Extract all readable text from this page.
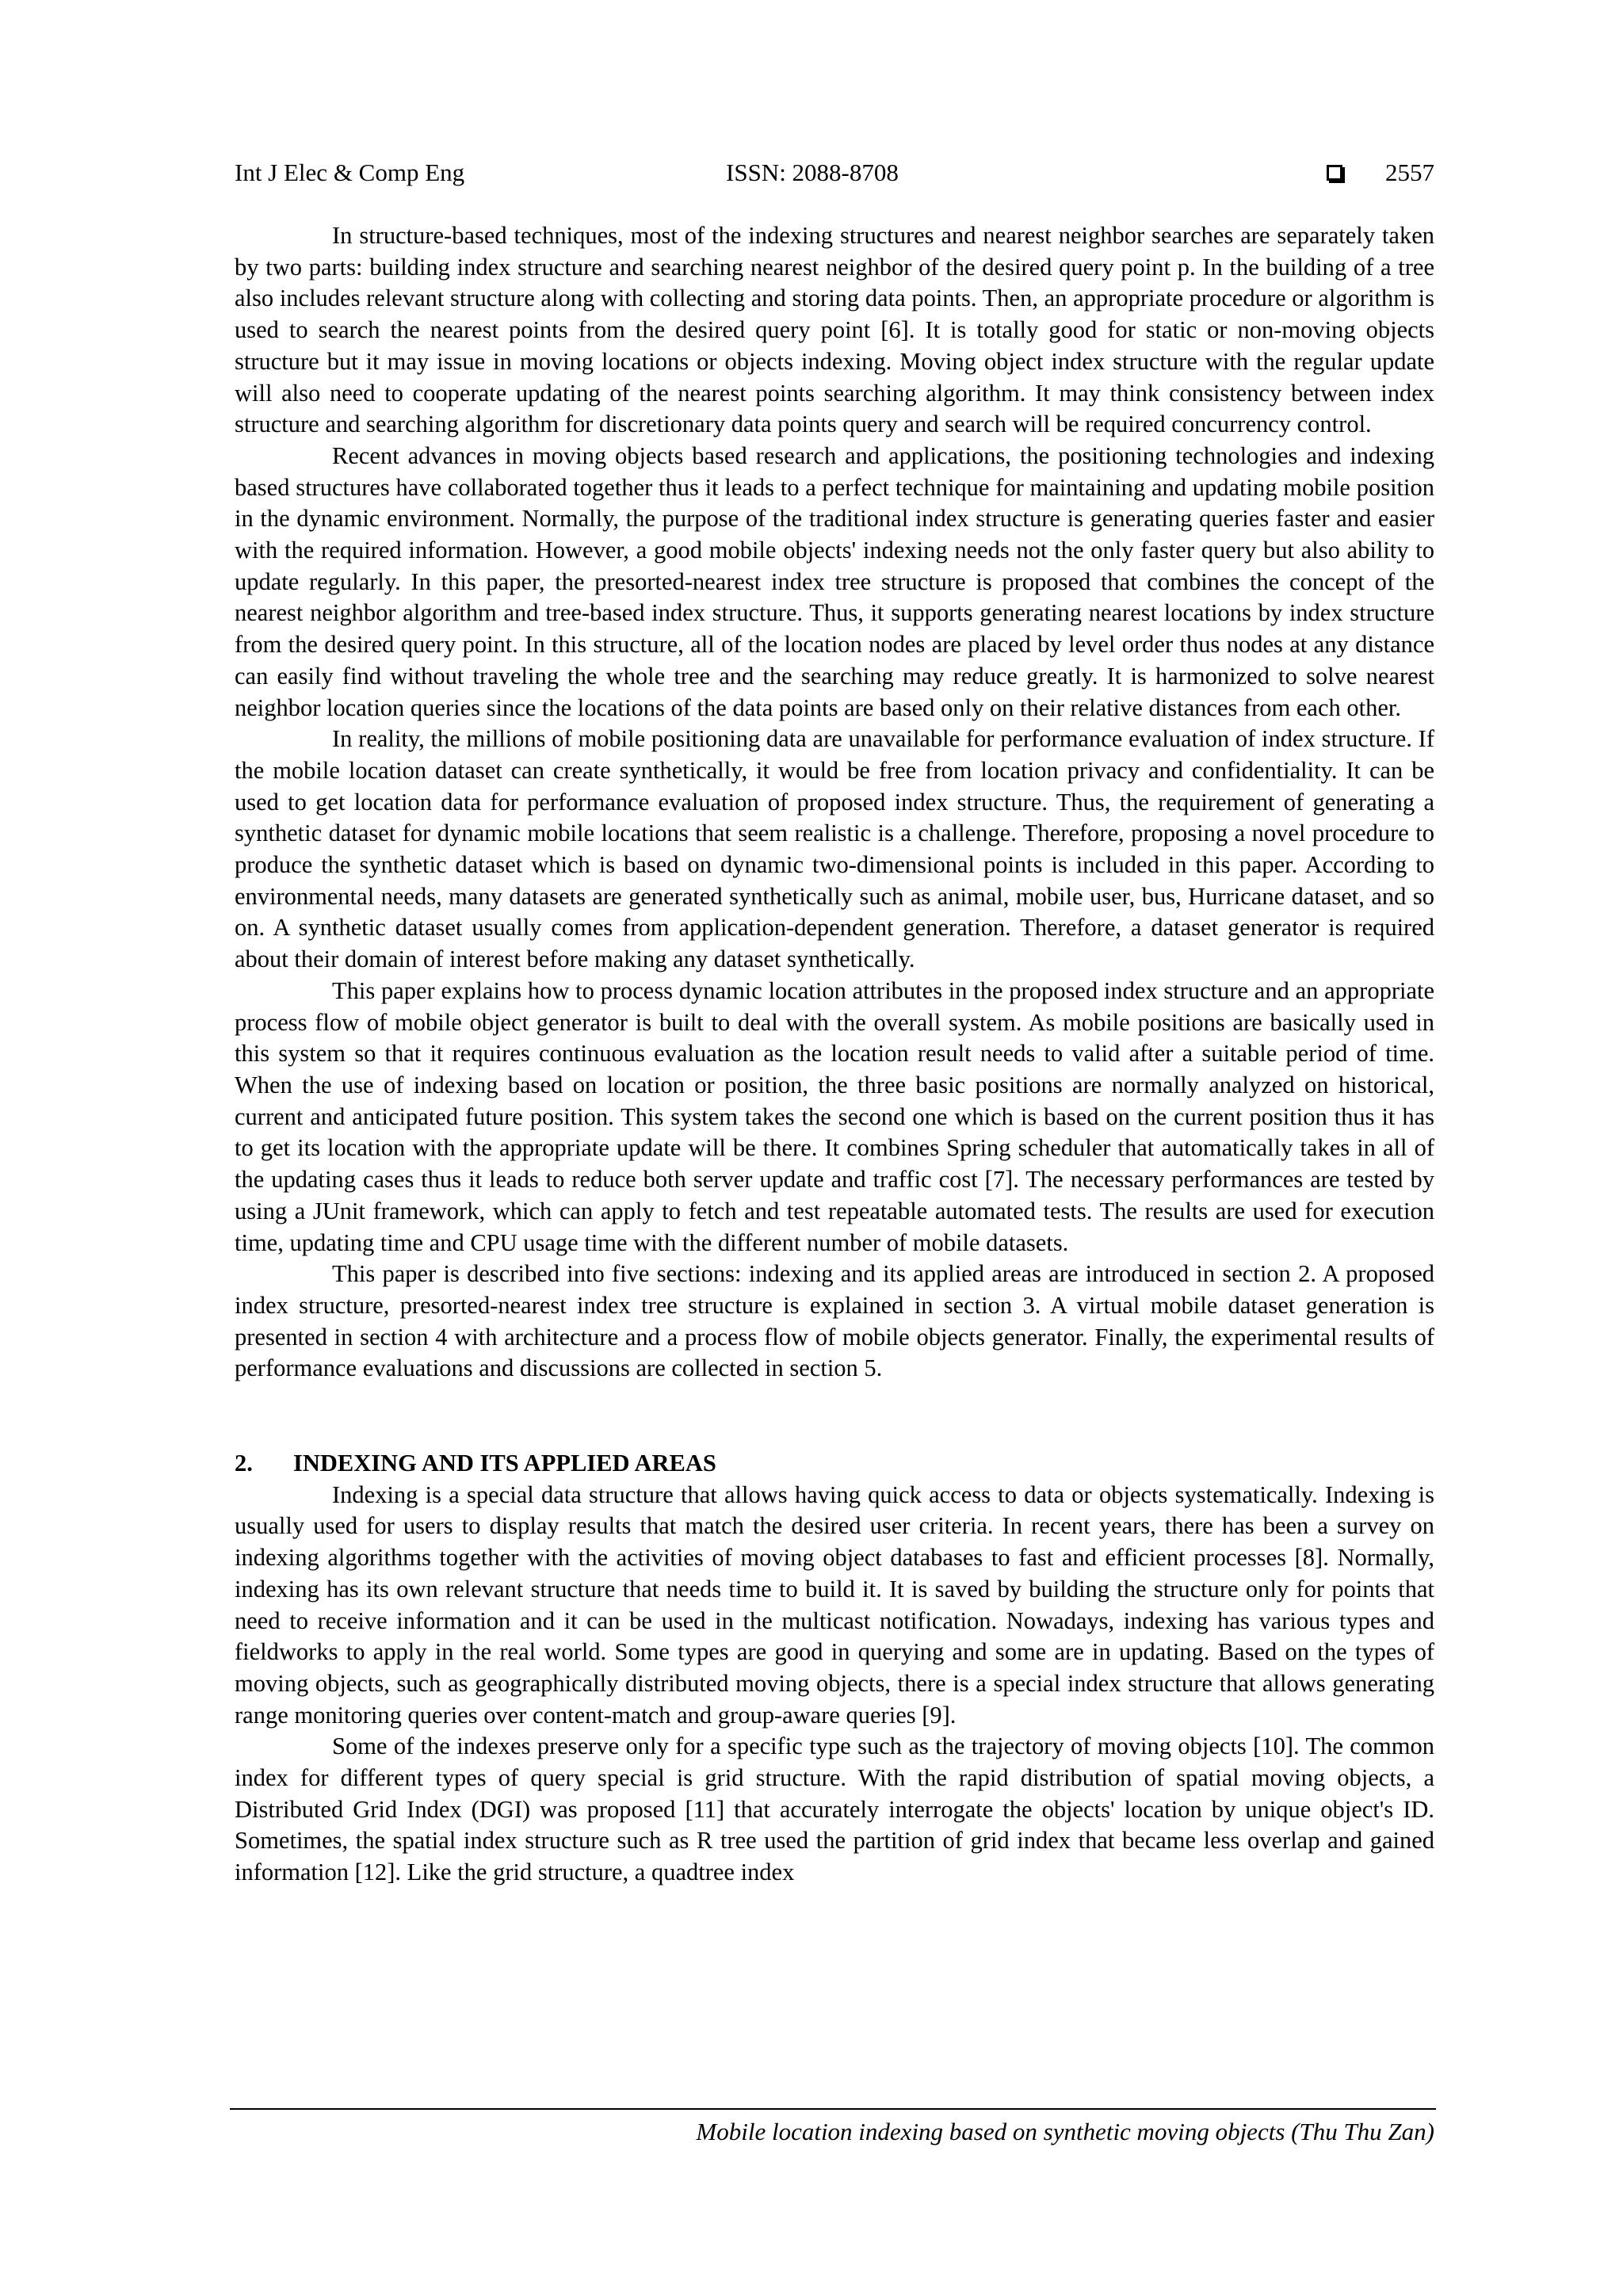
Int J Elec & Comp Eng	ISSN: 2088-8708	2557

In structure-based techniques, most of the indexing structures and nearest neighbor searches are separately taken by two parts: building index structure and searching nearest neighbor of the desired query point p. In the building of a tree also includes relevant structure along with collecting and storing data points. Then, an appropriate procedure or algorithm is used to search the nearest points from the desired query point [6]. It is totally good for static or non-moving objects structure but it may issue in moving locations or objects indexing. Moving object index structure with the regular update will also need to cooperate updating of the nearest points searching algorithm. It may think consistency between index structure and searching algorithm for discretionary data points query and search will be required concurrency control.

Recent advances in moving objects based research and applications, the positioning technologies and indexing based structures have collaborated together thus it leads to a perfect technique for maintaining and updating mobile position in the dynamic environment. Normally, the purpose of the traditional index structure is generating queries faster and easier with the required information. However, a good mobile objects' indexing needs not the only faster query but also ability to update regularly. In this paper, the presorted-nearest index tree structure is proposed that combines the concept of the nearest neighbor algorithm and tree-based index structure. Thus, it supports generating nearest locations by index structure from the desired query point. In this structure, all of the location nodes are placed by level order thus nodes at any distance can easily find without traveling the whole tree and the searching may reduce greatly. It is harmonized to solve nearest neighbor location queries since the locations of the data points are based only on their relative distances from each other.

In reality, the millions of mobile positioning data are unavailable for performance evaluation of index structure. If the mobile location dataset can create synthetically, it would be free from location privacy and confidentiality. It can be used to get location data for performance evaluation of proposed index structure. Thus, the requirement of generating a synthetic dataset for dynamic mobile locations that seem realistic is a challenge. Therefore, proposing a novel procedure to produce the synthetic dataset which is based on dynamic two-dimensional points is included in this paper. According to environmental needs, many datasets are generated synthetically such as animal, mobile user, bus, Hurricane dataset, and so on. A synthetic dataset usually comes from application-dependent generation. Therefore, a dataset generator is required about their domain of interest before making any dataset synthetically.

This paper explains how to process dynamic location attributes in the proposed index structure and an appropriate process flow of mobile object generator is built to deal with the overall system. As mobile positions are basically used in this system so that it requires continuous evaluation as the location result needs to valid after a suitable period of time. When the use of indexing based on location or position, the three basic positions are normally analyzed on historical, current and anticipated future position. This system takes the second one which is based on the current position thus it has to get its location with the appropriate update will be there. It combines Spring scheduler that automatically takes in all of the updating cases thus it leads to reduce both server update and traffic cost [7]. The necessary performances are tested by using a JUnit framework, which can apply to fetch and test repeatable automated tests. The results are used for execution time, updating time and CPU usage time with the different number of mobile datasets.

This paper is described into five sections: indexing and its applied areas are introduced in section 2. A proposed index structure, presorted-nearest index tree structure is explained in section 3. A virtual mobile dataset generation is presented in section 4 with architecture and a process flow of mobile objects generator. Finally, the experimental results of performance evaluations and discussions are collected in section 5.

2. INDEXING AND ITS APPLIED AREAS

Indexing is a special data structure that allows having quick access to data or objects systematically. Indexing is usually used for users to display results that match the desired user criteria. In recent years, there has been a survey on indexing algorithms together with the activities of moving object databases to fast and efficient processes [8]. Normally, indexing has its own relevant structure that needs time to build it. It is saved by building the structure only for points that need to receive information and it can be used in the multicast notification. Nowadays, indexing has various types and fieldworks to apply in the real world. Some types are good in querying and some are in updating. Based on the types of moving objects, such as geographically distributed moving objects, there is a special index structure that allows generating range monitoring queries over content-match and group-aware queries [9].

Some of the indexes preserve only for a specific type such as the trajectory of moving objects [10]. The common index for different types of query special is grid structure. With the rapid distribution of spatial moving objects, a Distributed Grid Index (DGI) was proposed [11] that accurately interrogate the objects' location by unique object's ID. Sometimes, the spatial index structure such as R tree used the partition of grid index that became less overlap and gained information [12]. Like the grid structure, a quadtree index

Mobile location indexing based on synthetic moving objects (Thu Thu Zan)
